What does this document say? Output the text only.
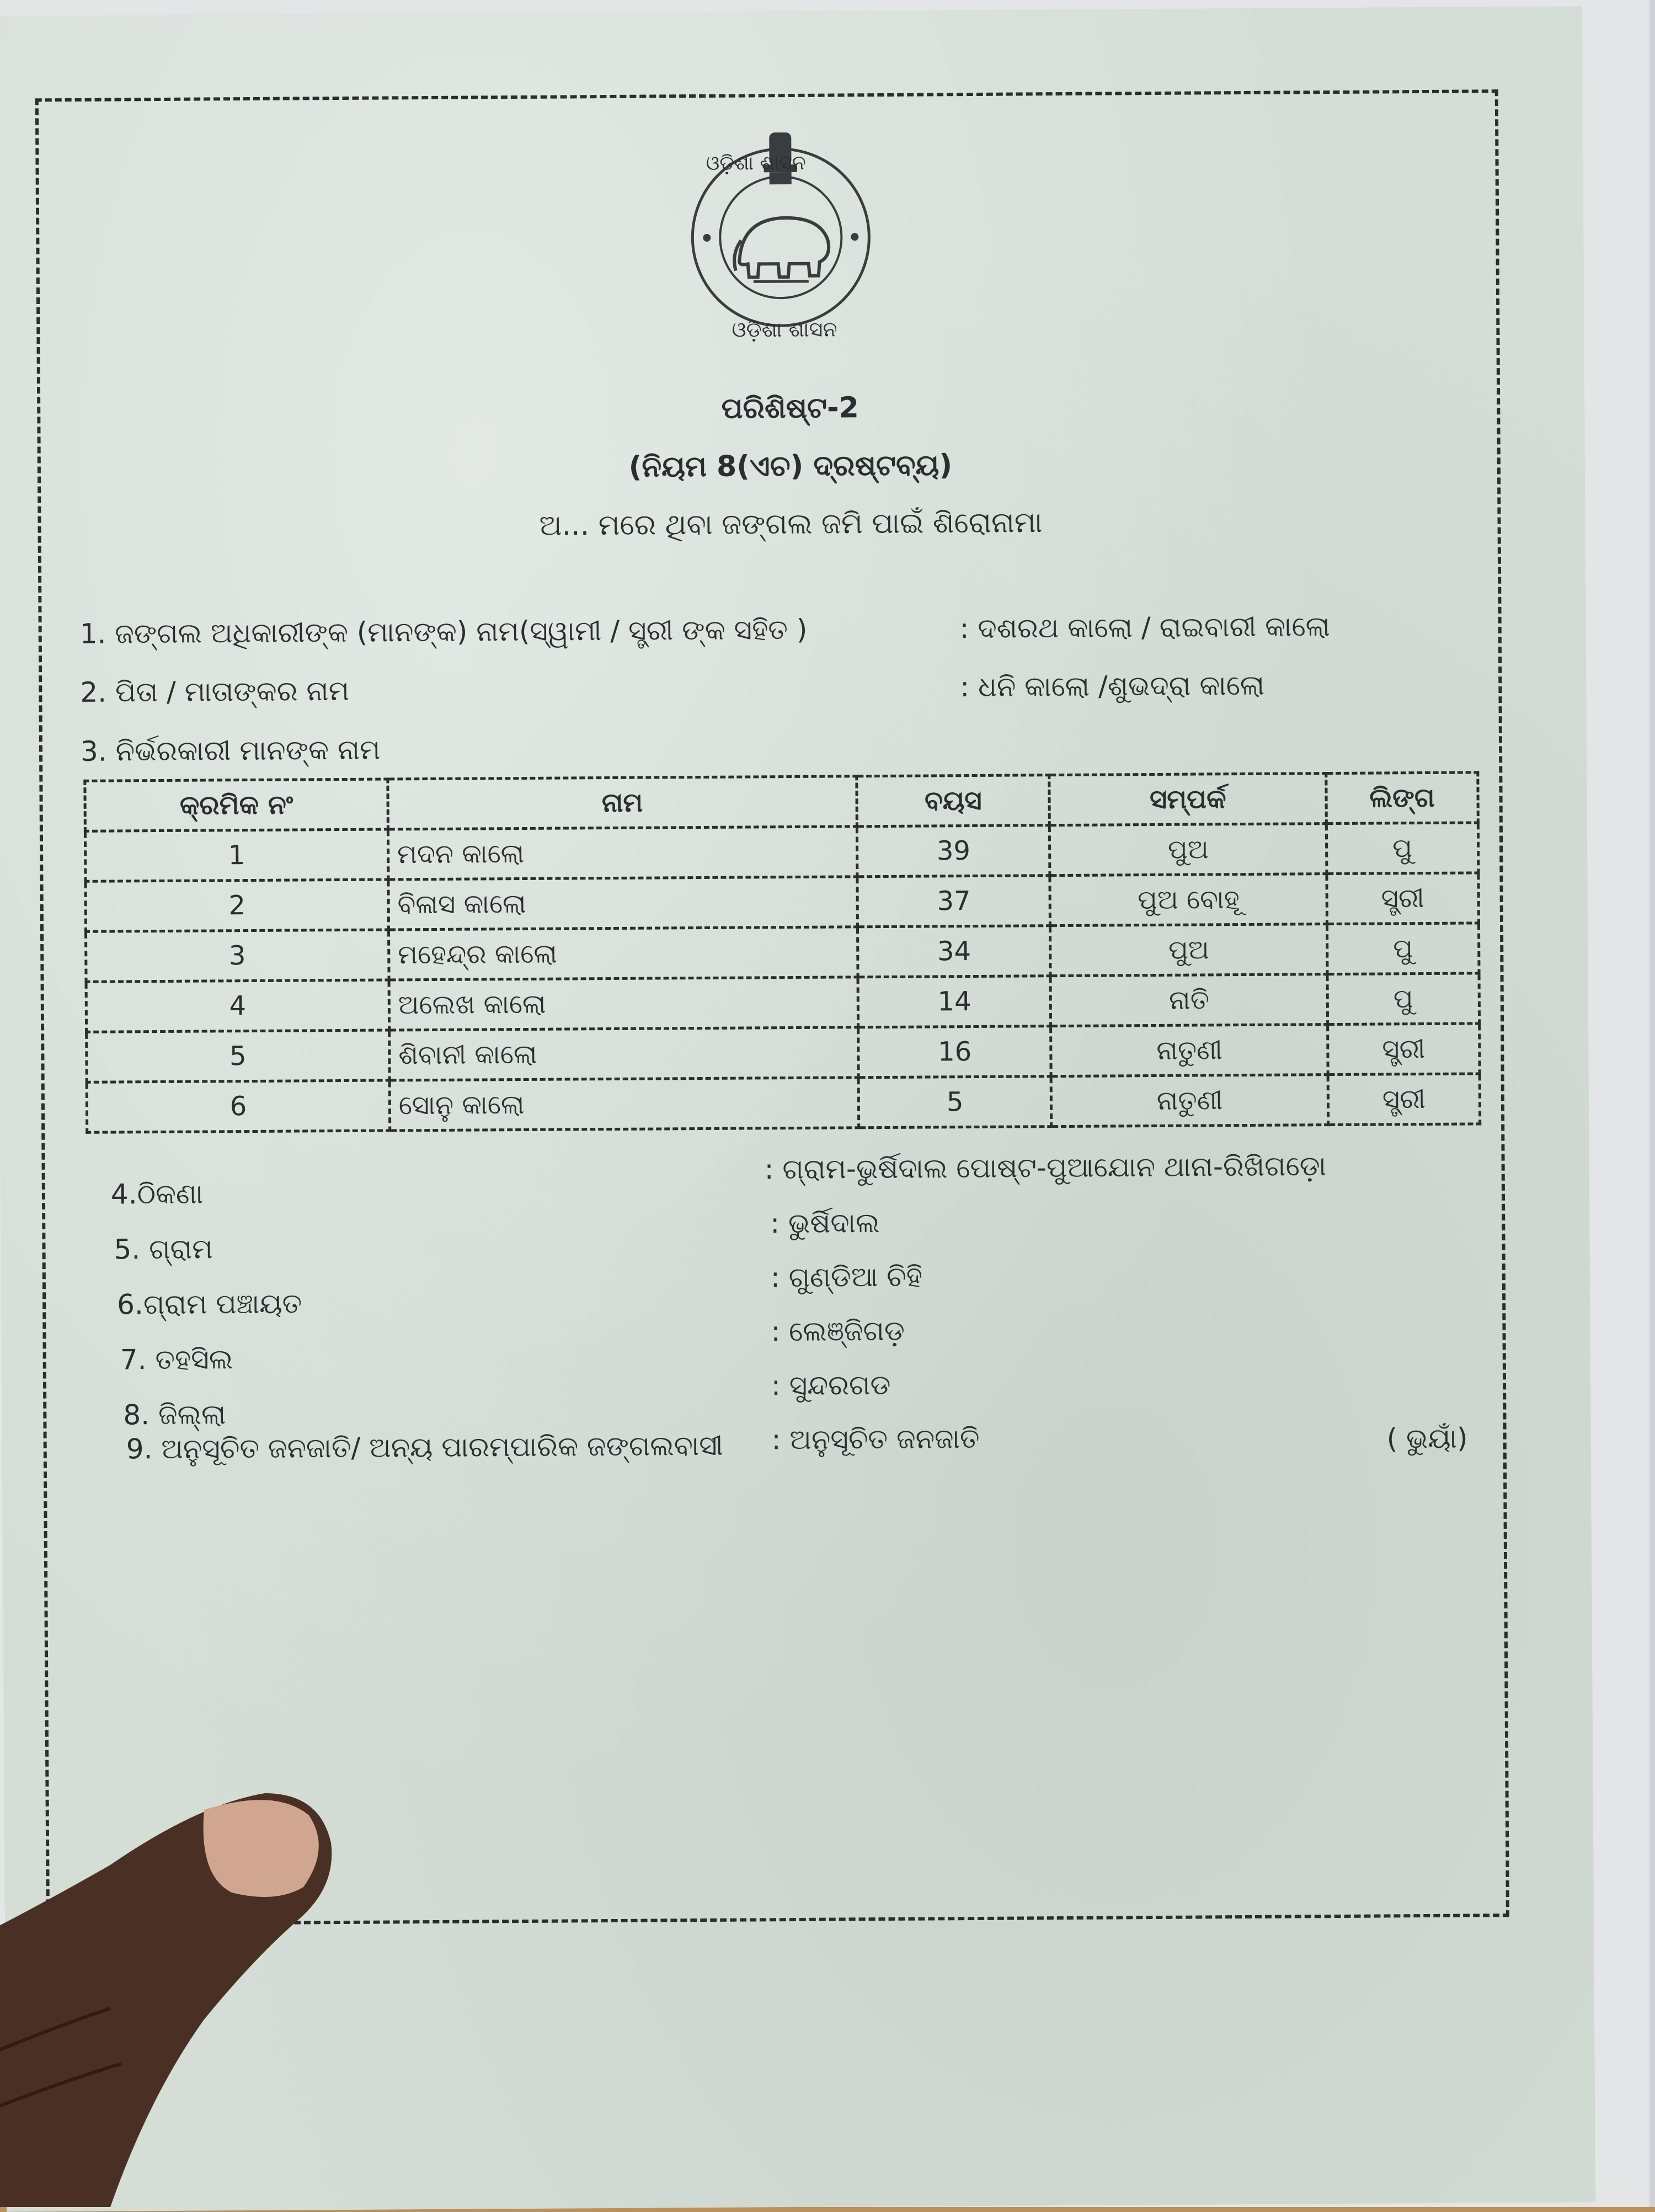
ଓଡ଼ିଶା ଶାସନ
ଓଡ଼ିଶା ଶାସନ
ପରିଶିଷ୍ଟ-2
(ନିୟମ 8(ଏଚ) ଦ୍ରଷ୍ଟବ୍ୟ)
ଅ... ମରେ ଥିବା ଜଙ୍ଗଲ ଜମି ପାଇଁ ଶିରୋନାମା
1. ଜଙ୍ଗଲ ଅଧିକାରୀଙ୍କ (ମାନଙ୍କ) ନାମ(ସ୍ୱାମୀ / ସ୍ତ୍ରୀ ଙ୍କ ସହିତ )	: ଦଶରଥ କାଲୋ / ରାଇବାରୀ କାଲୋ
2. ପିତା / ମାତାଙ୍କର ନାମ	: ଧନି କାଲୋ /ଶୁଭଦ୍ରା କାଲୋ
3. ନିର୍ଭରକାରୀ ମାନଙ୍କ ନାମ
କ୍ରମିକ ନଂ	ନାମ	ବୟସ	ସମ୍ପର୍କ	ଲିଙ୍ଗ
1	ମଦନ କାଲୋ	39	ପୁଅ	ପୁ
2	ବିଳାସ କାଲୋ	37	ପୁଅ ବୋହୂ	ସ୍ତ୍ରୀ
3	ମହେନ୍ଦ୍ର କାଲୋ	34	ପୁଅ	ପୁ
4	ଅଲେଖ କାଲୋ	14	ନାତି	ପୁ
5	ଶିବାନୀ କାଲୋ	16	ନାତୁଣୀ	ସ୍ତ୍ରୀ
6	ସୋନୁ କାଲୋ	5	ନାତୁଣୀ	ସ୍ତ୍ରୀ
4.ଠିକଣା
: ଗ୍ରାମ-ଭୁର୍ଷିଦାଲ ପୋଷ୍ଟ-ପୁଆଯୋନ ଥାନା-ରିଖିଗଡ଼ୋ
5. ଗ୍ରାମ
: ଭୁର୍ଷିଦାଲ
6.ଗ୍ରାମ ପଞ୍ଚାୟତ
: ଗୁଣ୍ଡିଆ ଚିହି
7. ତହସିଲ
: ଲେଞ୍ଜିଗଡ଼
8. ଜିଲ୍ଲା
: ସୁନ୍ଦରଗଡ
9. ଅନୁସୂଚିତ ଜନଜାତି/ ଅନ୍ୟ ପାରମ୍ପାରିକ ଜଙ୍ଗଲବାସୀ : ଅନୁସୂଚିତ ଜନଜାତି	( ଭୁୟାଁ)
